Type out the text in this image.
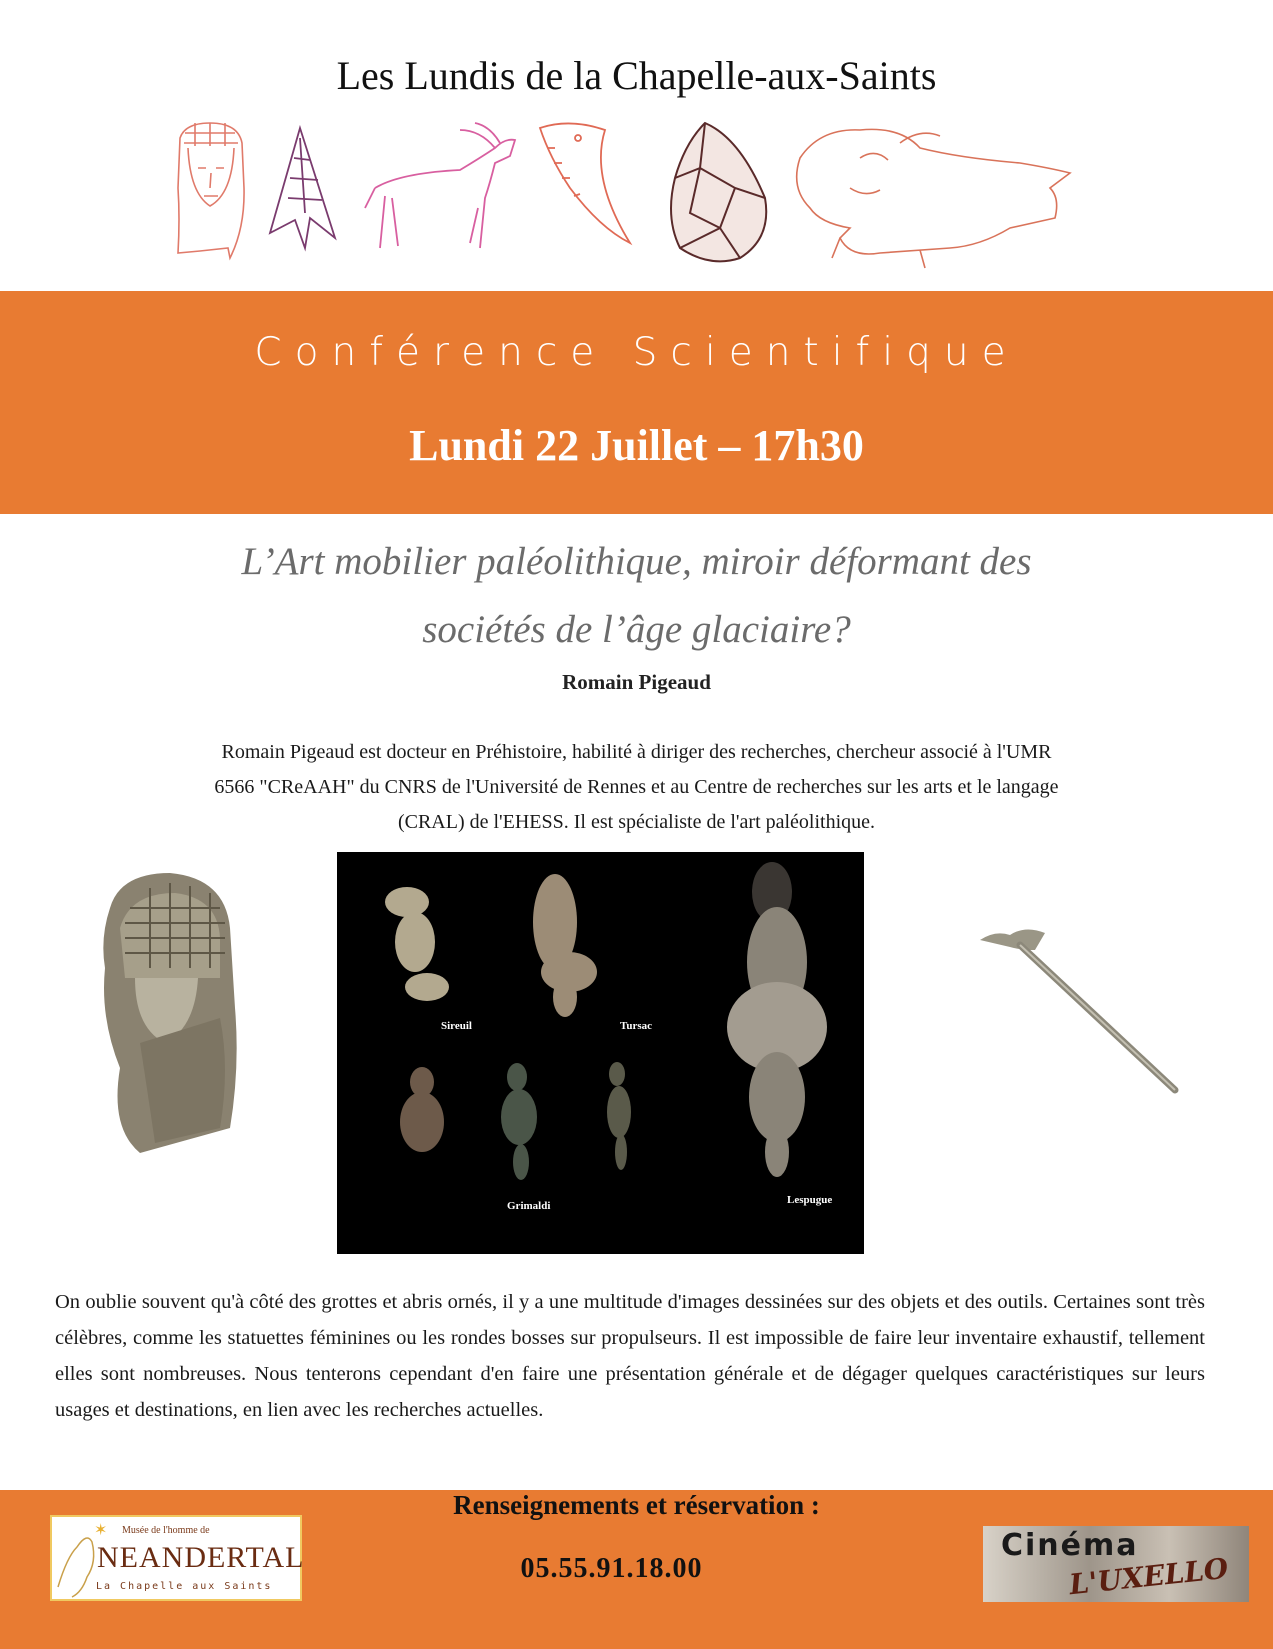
Les Lundis de la Chapelle-aux-Saints
Conférence Scientifique
Lundi 22 Juillet – 17h30
L’Art mobilier paléolithique, miroir déformant des
sociétés de l’âge glaciaire?
Romain Pigeaud
Romain Pigeaud est docteur en Préhistoire, habilité à diriger des recherches, chercheur associé à l'UMR
6566 "CReAAH" du CNRS de l'Université de Rennes et au Centre de recherches sur les arts et le langage
(CRAL) de l'EHESS. Il est spécialiste de l'art paléolithique.
Sireuil	Tursac
Grimaldi	Lespugue
On oublie souvent qu'à côté des grottes et abris ornés, il y a une multitude d'images dessinées sur des objets et des outils. Certaines sont très célèbres, comme les statuettes féminines ou les rondes bosses sur propulseurs. Il est impossible de faire leur inventaire exhaustif, tellement elles sont nombreuses. Nous tenterons cependant d'en faire une présentation générale et de dégager quelques caractéristiques sur leurs usages et destinations, en lien avec les recherches actuelles.
Renseignements et réservation :
05.55.91.18.00
✶ Musée de l'homme de
NEANDERTAL
La Chapelle aux Saints
Cinéma
L'UXELLO
